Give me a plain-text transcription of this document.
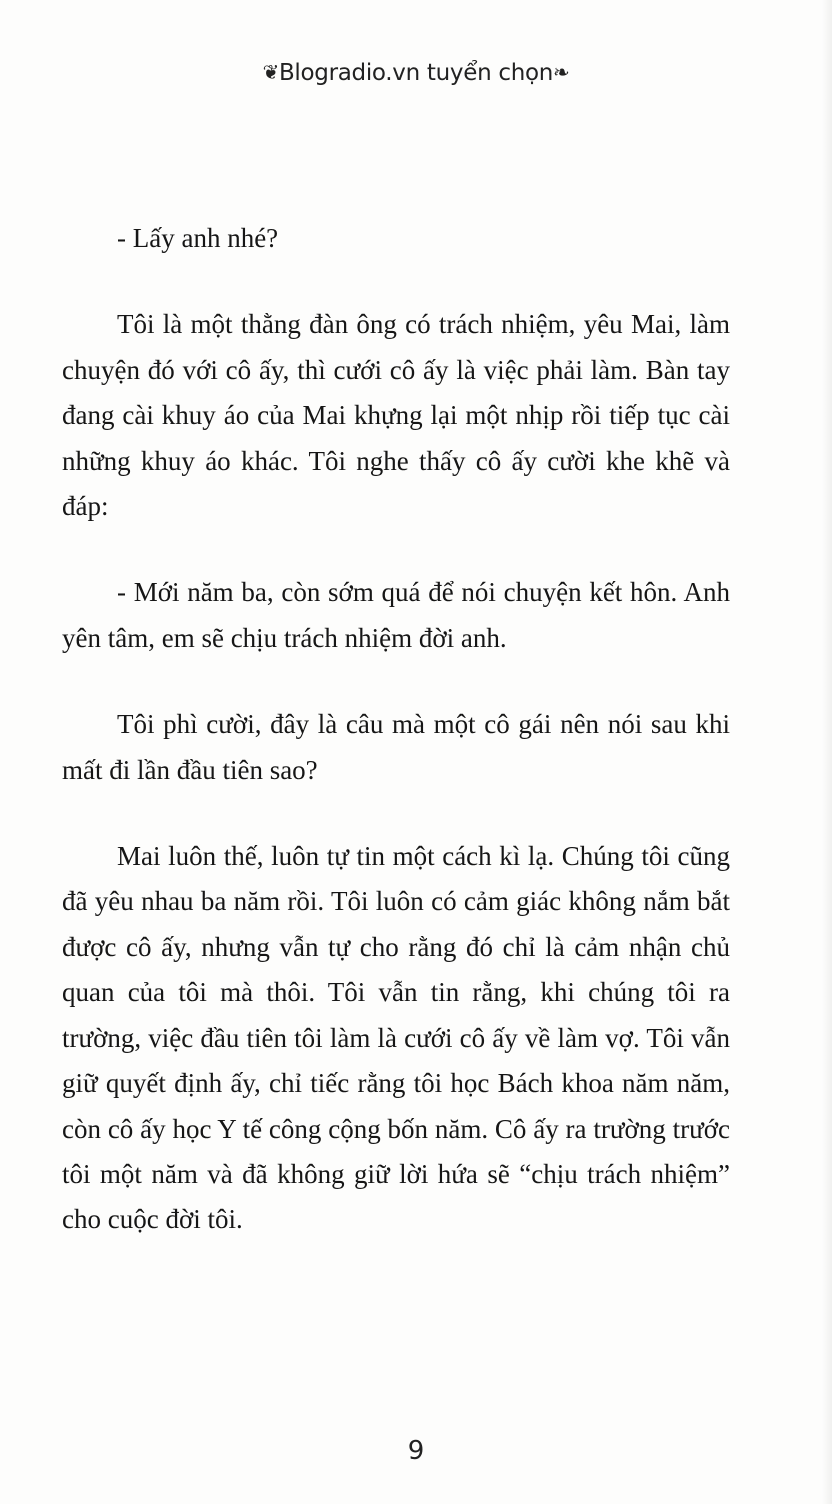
❦Blogradio.vn tuyển chọn❧

- Lấy anh nhé?

Tôi là một thằng đàn ông có trách nhiệm, yêu Mai, làm chuyện đó với cô ấy, thì cưới cô ấy là việc phải làm. Bàn tay đang cài khuy áo của Mai khựng lại một nhịp rồi tiếp tục cài những khuy áo khác. Tôi nghe thấy cô ấy cười khe khẽ và đáp:

- Mới năm ba, còn sớm quá để nói chuyện kết hôn. Anh yên tâm, em sẽ chịu trách nhiệm đời anh.

Tôi phì cười, đây là câu mà một cô gái nên nói sau khi mất đi lần đầu tiên sao?

Mai luôn thế, luôn tự tin một cách kì lạ. Chúng tôi cũng đã yêu nhau ba năm rồi. Tôi luôn có cảm giác không nắm bắt được cô ấy, nhưng vẫn tự cho rằng đó chỉ là cảm nhận chủ quan của tôi mà thôi. Tôi vẫn tin rằng, khi chúng tôi ra trường, việc đầu tiên tôi làm là cưới cô ấy về làm vợ. Tôi vẫn giữ quyết định ấy, chỉ tiếc rằng tôi học Bách khoa năm năm, còn cô ấy học Y tế công cộng bốn năm. Cô ấy ra trường trước tôi một năm và đã không giữ lời hứa sẽ “chịu trách nhiệm” cho cuộc đời tôi.

9
